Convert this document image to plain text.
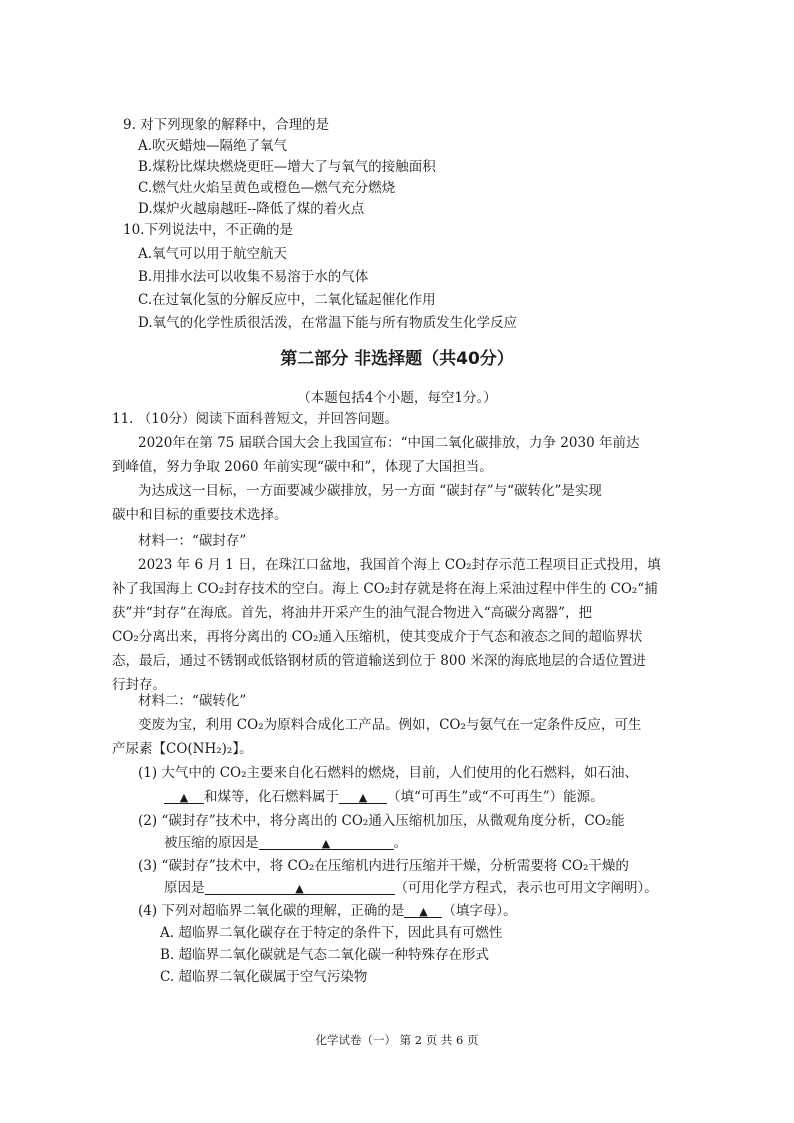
9. 对下列现象的解释中，合理的是
A.吹灭蜡烛—隔绝了氧气
B.煤粉比煤块燃烧更旺—增大了与氧气的接触面积
C.燃气灶火焰呈黄色或橙色—燃气充分燃烧
D.煤炉火越扇越旺--降低了煤的着火点
10.下列说法中，不正确的是
A.氧气可以用于航空航天
B.用排水法可以收集不易溶于水的气体
C.在过氧化氢的分解反应中，二氧化锰起催化作用
D.氧气的化学性质很活泼，在常温下能与所有物质发生化学反应
第二部分 非选择题（共40分）
（本题包括4个小题，每空1分。）
11. （10分）阅读下面科普短文，并回答问题。
2020年在第 75 届联合国大会上我国宣布：“中国二氧化碳排放，力争 2030 年前达
到峰值，努力争取 2060 年前实现“碳中和”，体现了大国担当。
为达成这一目标，一方面要减少碳排放，另一方面 “碳封存”与“碳转化”是实现
碳中和目标的重要技术选择。
材料一：“碳封存”
2023 年 6 月 1 日，在珠江口盆地，我国首个海上 CO₂封存示范工程项目正式投用，填
补了我国海上 CO₂封存技术的空白。海上 CO₂封存就是将在海上采油过程中伴生的 CO₂“捕
获”并“封存”在海底。首先，将油井开采产生的油气混合物进入“高碳分离器”，把
CO₂分离出来，再将分离出的 CO₂通入压缩机，使其变成介于气态和液态之间的超临界状
态，最后，通过不锈钢或低铬钢材质的管道输送到位于 800 米深的海底地层的合适位置进
行封存。
材料二：“碳转化”
变废为宝，利用 CO₂为原料合成化工产品。例如，CO₂与氨气在一定条件反应，可生
产尿素【CO(NH₂)₂】。
(1) 大气中的 CO₂主要来自化石燃料的燃烧，目前，人们使用的化石燃料，如石油、
▲ 和煤等，化石燃料属于 ▲ （填“可再生”或“不可再生”）能源。
(2) “碳封存”技术中，将分离出的 CO₂通入压缩机加压，从微观角度分析，CO₂能
被压缩的原因是	▲	。
(3) “碳封存”技术中，将 CO₂在压缩机内进行压缩并干燥，分析需要将 CO₂干燥的
原因是	▲	（可用化学方程式，表示也可用文字阐明）。
(4) 下列对超临界二氧化碳的理解，正确的是 ▲ （填字母）。
A. 超临界二氧化碳存在于特定的条件下，因此具有可燃性
B. 超临界二氧化碳就是气态二氧化碳一种特殊存在形式
C. 超临界二氧化碳属于空气污染物
化学试卷（一） 第 2 页 共 6 页
